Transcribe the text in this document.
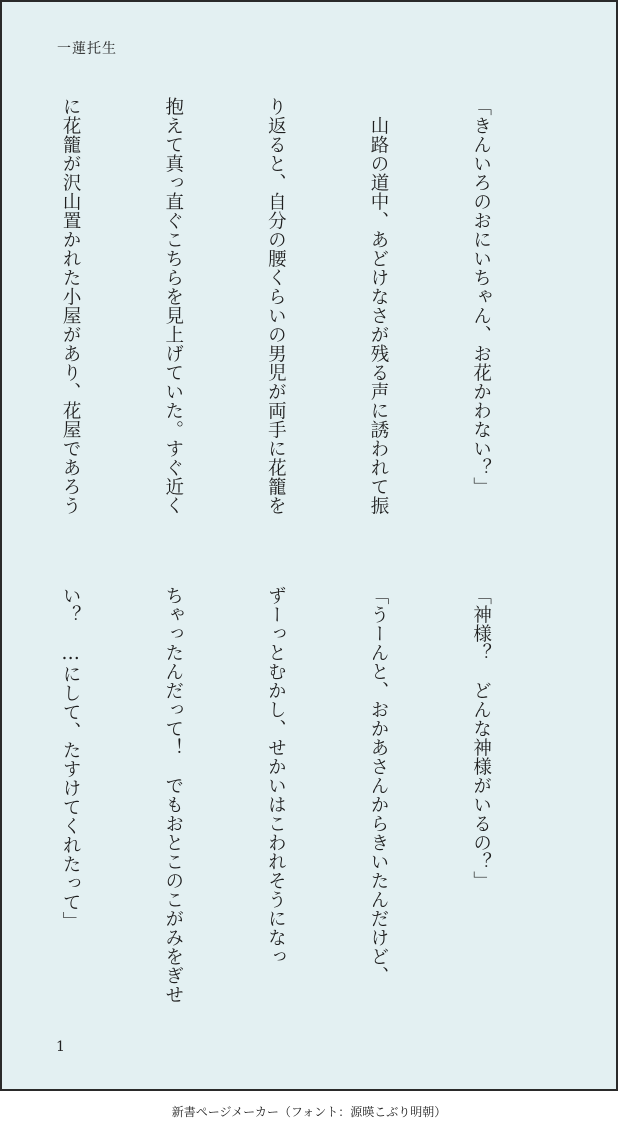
一蓮托生

「きんいろのおにいちゃん、お花かわない？」

　山路の道中、あどけなさが残る声に誘われて振

り返ると、自分の腰くらいの男児が両手に花籠を

抱えて真っ直ぐこちらを見上げていた。すぐ近く

に花籠が沢山置かれた小屋があり、花屋であろう

「神様？　どんな神様がいるの？」

「うーんと、おかあさんからきいたんだけど、

ずーっとむかし、せかいはこわれそうになっ

ちゃったんだって！　でもおとこのこがみをぎせ

い？　…にして、たすけてくれたって」

1
新書ページメーカー（フォント：源暎こぶり明朝）
